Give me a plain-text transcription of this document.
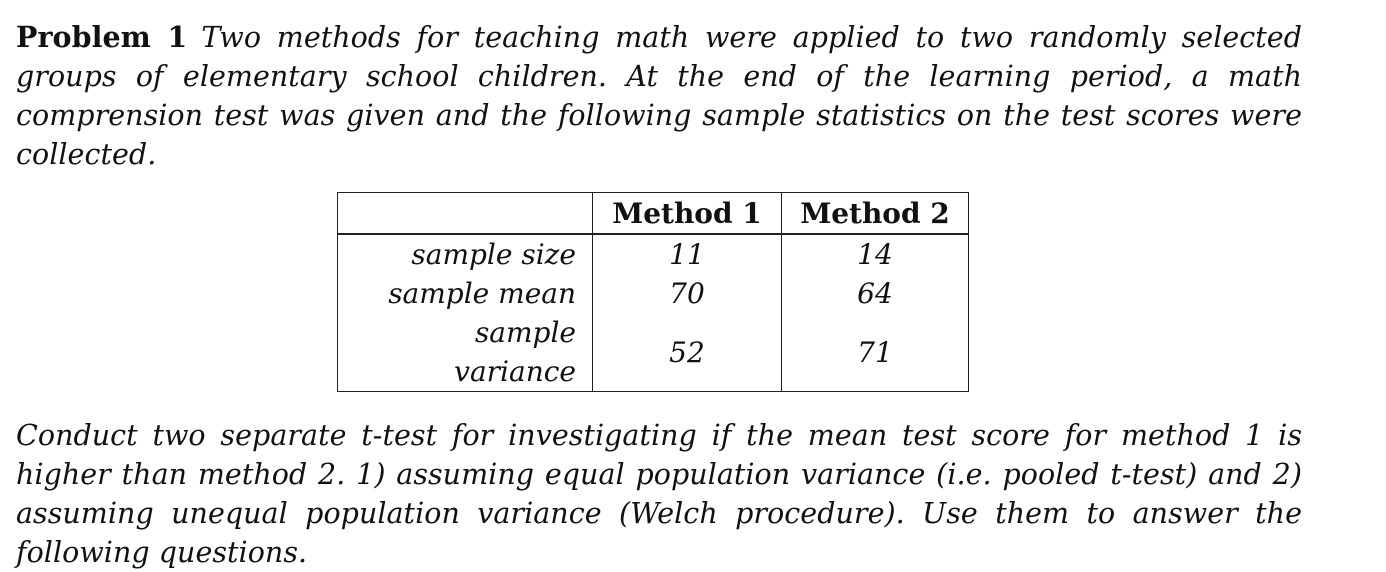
Problem 1 Two methods for teaching math were applied to two randomly selected groups of elementary school children. At the end of the learning period, a math comprension test was given and the following sample statistics on the test scores were collected.

	Method 1	Method 2
sample size	11	14
sample mean	70	64
sample variance	52	71

Conduct two separate t-test for investigating if the mean test score for method 1 is higher than method 2. 1) assuming equal population variance (i.e. pooled t-test) and 2) assuming unequal population variance (Welch procedure). Use them to answer the following questions.
